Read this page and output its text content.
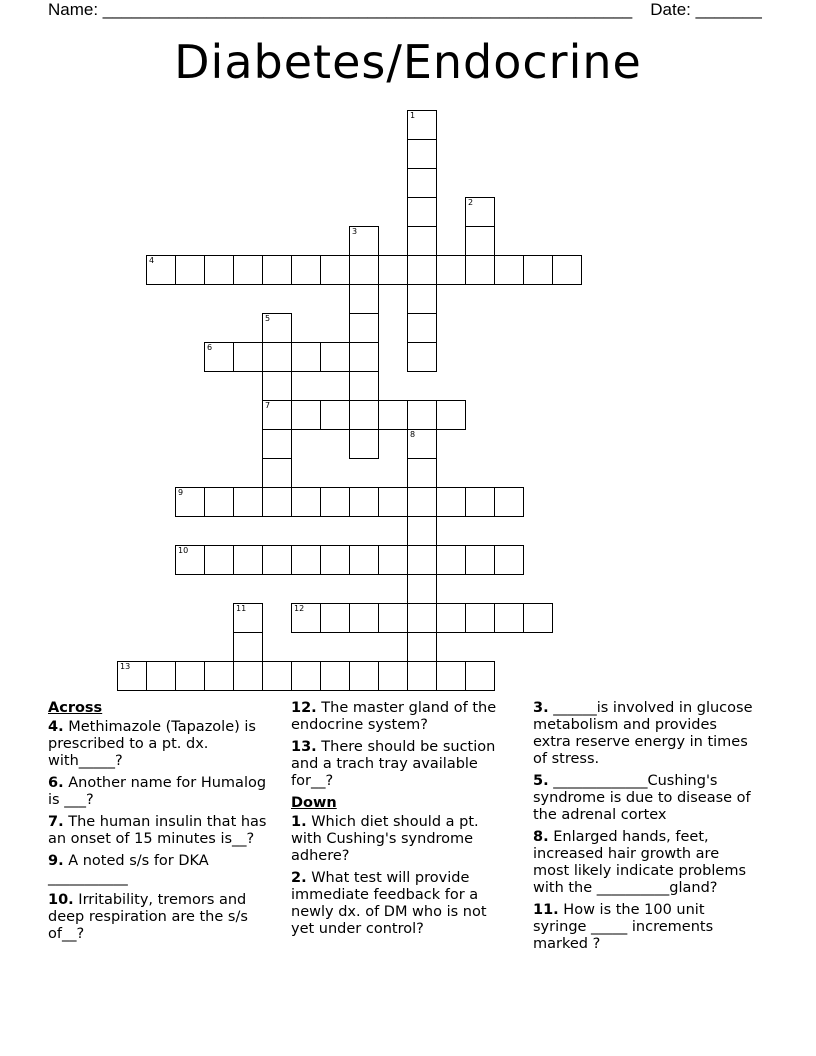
Name: ________________________________________________________ Date: _______
Diabetes/Endocrine
1
2
3
4
5
7
6
8
9
10
11	12
13
Across
4. Methimazole (Tapazole) is prescribed to a pt. dx. with_____?
6. Another name for Humalog is ___?
7. The human insulin that has an onset of 15 minutes is__?
9. A noted s/s for DKA ___________
10. Irritability, tremors and deep respiration are the s/s of__?
12. The master gland of the endocrine system?
13. There should be suction and a trach tray available for__?
Down
1. Which diet should a pt. with Cushing's syndrome adhere?
2. What test will provide immediate feedback for a newly dx. of DM who is not yet under control?
3. ______is involved in glucose metabolism and provides extra reserve energy in times of stress.
5. _____________Cushing's syndrome is due to disease of the adrenal cortex
8. Enlarged hands, feet, increased hair growth are most likely indicate problems with the __________gland?
11. How is the 100 unit syringe _____ increments marked ?
